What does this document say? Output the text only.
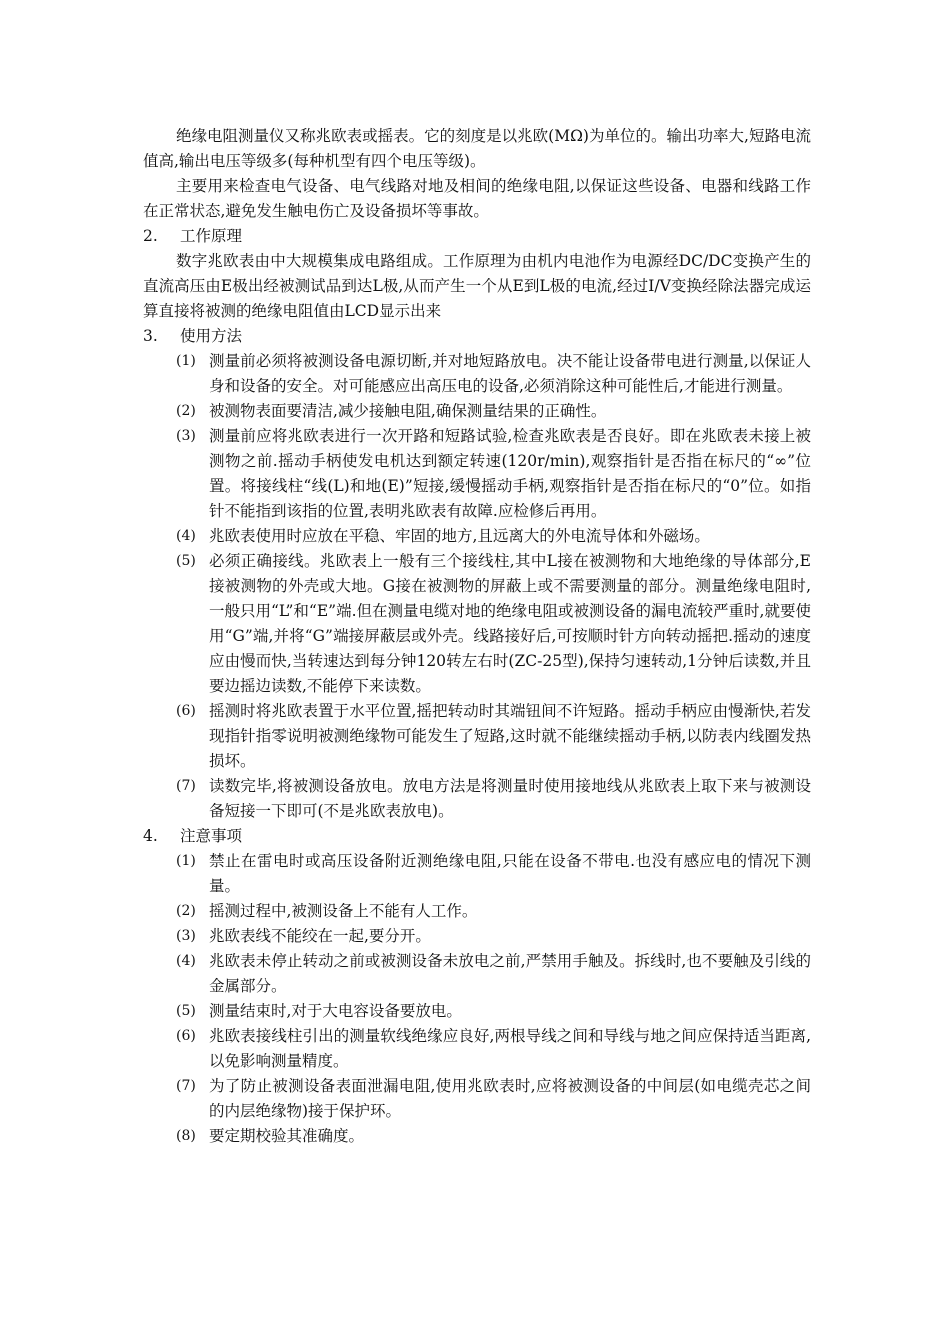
绝缘电阻测量仪又称兆欧表或摇表。它的刻度是以兆欧(MΩ)为单位的。输出功率大,短路电流值高,输出电压等级多(每种机型有四个电压等级)。

主要用来检查电气设备、电气线路对地及相间的绝缘电阻,以保证这些设备、电器和线路工作在正常状态,避免发生触电伤亡及设备损坏等事故。

2.	工作原理

数字兆欧表由中大规模集成电路组成。工作原理为由机内电池作为电源经DC/DC变换产生的直流高压由E极出经被测试品到达L极,从而产生一个从E到L极的电流,经过I/V变换经除法器完成运算直接将被测的绝缘电阻值由LCD显示出来

3.	使用方法
(1) 测量前必须将被测设备电源切断,并对地短路放电。决不能让设备带电进行测量,以保证人身和设备的安全。对可能感应出高压电的设备,必须消除这种可能性后,才能进行测量。
(2) 被测物表面要清洁,减少接触电阻,确保测量结果的正确性。
(3) 测量前应将兆欧表进行一次开路和短路试验,检查兆欧表是否良好。即在兆欧表未接上被测物之前.摇动手柄使发电机达到额定转速(120r/min),观察指针是否指在标尺的“∞”位置。将接线柱“线(L)和地(E)”短接,缓慢摇动手柄,观察指针是否指在标尺的“0”位。如指针不能指到该指的位置,表明兆欧表有故障.应检修后再用。
(4) 兆欧表使用时应放在平稳、牢固的地方,且远离大的外电流导体和外磁场。
(5) 必须正确接线。兆欧表上一般有三个接线柱,其中L接在被测物和大地绝缘的导体部分,E接被测物的外壳或大地。G接在被测物的屏蔽上或不需要测量的部分。测量绝缘电阻时,一般只用“L”和“E”端.但在测量电缆对地的绝缘电阻或被测设备的漏电流较严重时,就要使用“G”端,并将“G”端接屏蔽层或外壳。线路接好后,可按顺时针方向转动摇把.摇动的速度应由慢而快,当转速达到每分钟120转左右时(ZC-25型),保持匀速转动,1分钟后读数,并且要边摇边读数,不能停下来读数。
(6) 摇测时将兆欧表置于水平位置,摇把转动时其端钮间不许短路。摇动手柄应由慢渐快,若发现指针指零说明被测绝缘物可能发生了短路,这时就不能继续摇动手柄,以防表内线圈发热损坏。
(7) 读数完毕,将被测设备放电。放电方法是将测量时使用接地线从兆欧表上取下来与被测设备短接一下即可(不是兆欧表放电)。
4.	注意事项
(1) 禁止在雷电时或高压设备附近测绝缘电阻,只能在设备不带电.也没有感应电的情况下测量。
(2) 摇测过程中,被测设备上不能有人工作。
(3) 兆欧表线不能绞在一起,要分开。
(4) 兆欧表未停止转动之前或被测设备未放电之前,严禁用手触及。拆线时,也不要触及引线的金属部分。
(5) 测量结束时,对于大电容设备要放电。
(6) 兆欧表接线柱引出的测量软线绝缘应良好,两根导线之间和导线与地之间应保持适当距离,以免影响测量精度。
(7) 为了防止被测设备表面泄漏电阻,使用兆欧表时,应将被测设备的中间层(如电缆壳芯之间的内层绝缘物)接于保护环。
(8) 要定期校验其准确度。
